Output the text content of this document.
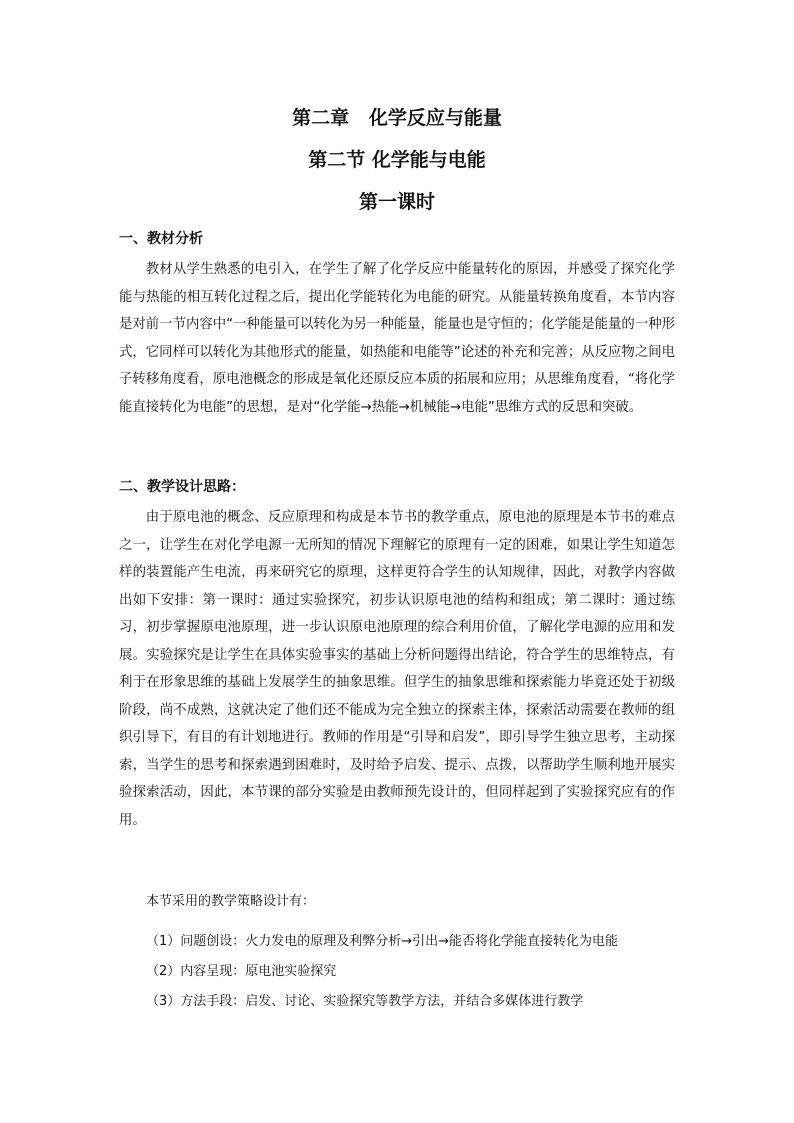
第二章   化学反应与能量
第二节 化学能与电能
第一课时
一、教材分析

教材从学生熟悉的电引入，在学生了解了化学反应中能量转化的原因，并感受了探究化学能与热能的相互转化过程之后，提出化学能转化为电能的研究。从能量转换角度看，本节内容是对前一节内容中“一种能量可以转化为另一种能量，能量也是守恒的；化学能是能量的一种形式，它同样可以转化为其他形式的能量，如热能和电能等”论述的补充和完善；从反应物之间电子转移角度看，原电池概念的形成是氧化还原反应本质的拓展和应用；从思维角度看，“将化学能直接转化为电能”的思想，是对“化学能→热能→机械能→电能”思维方式的反思和突破。

二、教学设计思路：

由于原电池的概念、反应原理和构成是本节书的教学重点，原电池的原理是本节书的难点之一，让学生在对化学电源一无所知的情况下理解它的原理有一定的困难，如果让学生知道怎样的装置能产生电流，再来研究它的原理，这样更符合学生的认知规律，因此，对教学内容做出如下安排：第一课时：通过实验探究，初步认识原电池的结构和组成；第二课时：通过练习，初步掌握原电池原理，进一步认识原电池原理的综合利用价值，了解化学电源的应用和发展。实验探究是让学生在具体实验事实的基础上分析问题得出结论，符合学生的思维特点，有利于在形象思维的基础上发展学生的抽象思维。但学生的抽象思维和探索能力毕竟还处于初级阶段，尚不成熟，这就决定了他们还不能成为完全独立的探索主体，探索活动需要在教师的组织引导下，有目的有计划地进行。教师的作用是“引导和启发”，即引导学生独立思考，主动探索，当学生的思考和探索遇到困难时，及时给予启发、提示、点拨，以帮助学生顺利地开展实验探索活动，因此，本节课的部分实验是由教师预先设计的，但同样起到了实验探究应有的作用。

本节采用的教学策略设计有：
（1）问题创设：火力发电的原理及利弊分析→引出→能否将化学能直接转化为电能
（2）内容呈现：原电池实验探究
（3）方法手段：启发、讨论、实验探究等教学方法，并结合多媒体进行教学
